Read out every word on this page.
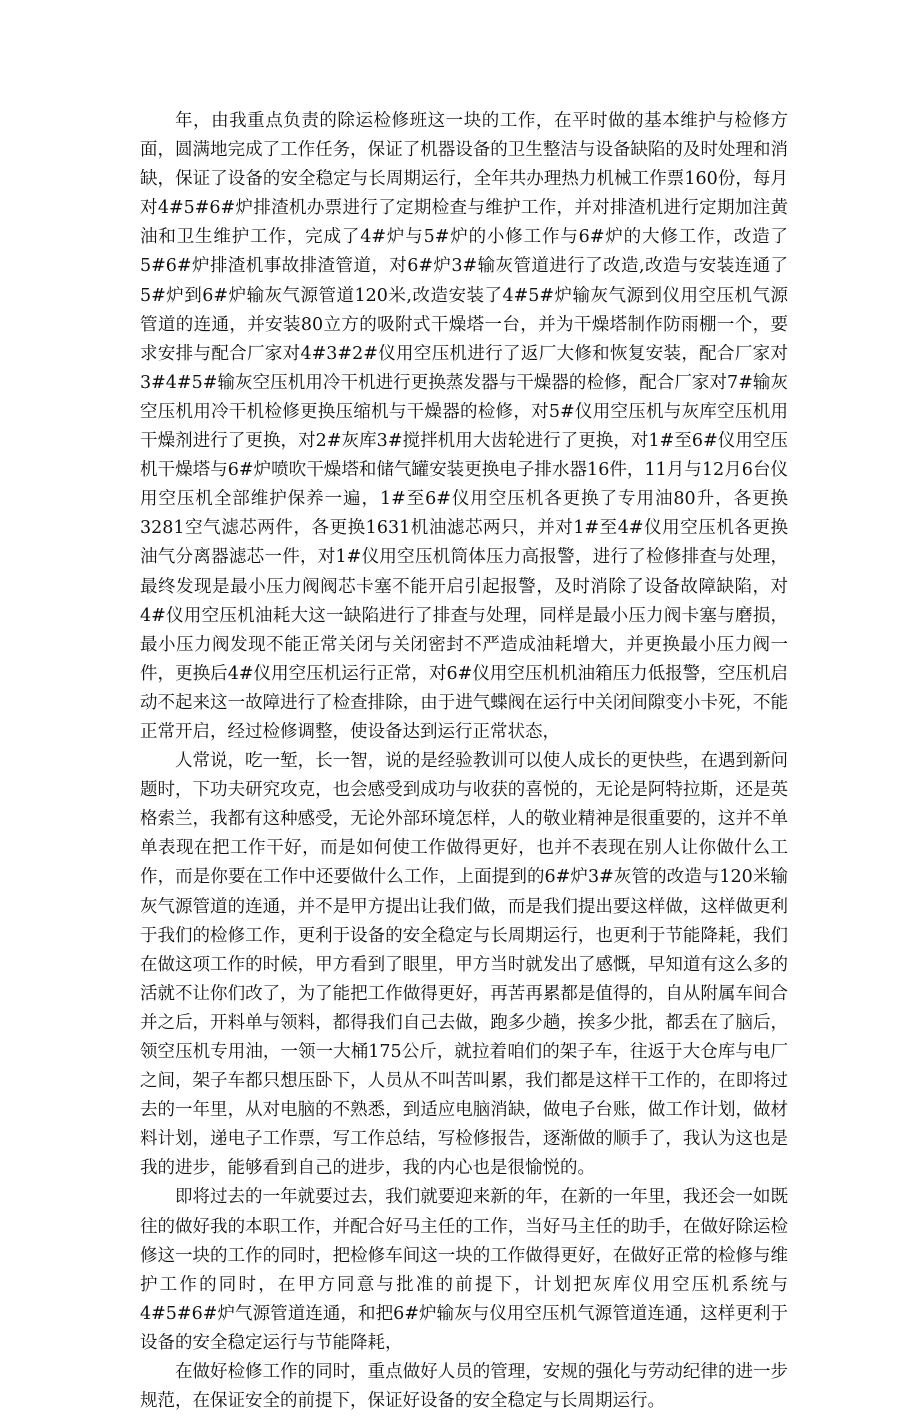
年，由我重点负责的除运检修班这一块的工作，在平时做的基本维护与检修方面，圆满地完成了工作任务，保证了机器设备的卫生整洁与设备缺陷的及时处理和消缺，保证了设备的安全稳定与长周期运行，全年共办理热力机械工作票160份，每月对4#5#6#炉排渣机办票进行了定期检查与维护工作，并对排渣机进行定期加注黄油和卫生维护工作，完成了4#炉与5#炉的小修工作与6#炉的大修工作，改造了5#6#炉排渣机事故排渣管道，对6#炉3#输灰管道进行了改造,改造与安装连通了5#炉到6#炉输灰气源管道120米,改造安装了4#5#炉输灰气源到仪用空压机气源管道的连通，并安装80立方的吸附式干燥塔一台，并为干燥塔制作防雨棚一个，要求安排与配合厂家对4#3#2#仪用空压机进行了返厂大修和恢复安装，配合厂家对3#4#5#输灰空压机用冷干机进行更换蒸发器与干燥器的检修，配合厂家对7#输灰空压机用冷干机检修更换压缩机与干燥器的检修，对5#仪用空压机与灰库空压机用干燥剂进行了更换，对2#灰库3#搅拌机用大齿轮进行了更换，对1#至6#仪用空压机干燥塔与6#炉喷吹干燥塔和储气罐安装更换电子排水器16件，11月与12月6台仪用空压机全部维护保养一遍，1#至6#仪用空压机各更换了专用油80升，各更换3281空气滤芯两件，各更换1631机油滤芯两只，并对1#至4#仪用空压机各更换油气分离器滤芯一件，对1#仪用空压机筒体压力高报警，进行了检修排查与处理，最终发现是最小压力阀阀芯卡塞不能开启引起报警，及时消除了设备故障缺陷，对4#仪用空压机油耗大这一缺陷进行了排查与处理，同样是最小压力阀卡塞与磨损，最小压力阀发现不能正常关闭与关闭密封不严造成油耗增大，并更换最小压力阀一件，更换后4#仪用空压机运行正常，对6#仪用空压机机油箱压力低报警，空压机启动不起来这一故障进行了检查排除，由于进气蝶阀在运行中关闭间隙变小卡死，不能正常开启，经过检修调整，使设备达到运行正常状态，

人常说，吃一堑，长一智，说的是经验教训可以使人成长的更快些，在遇到新问题时，下功夫研究攻克，也会感受到成功与收获的喜悦的，无论是阿特拉斯，还是英格索兰，我都有这种感受，无论外部环境怎样，人的敬业精神是很重要的，这并不单单表现在把工作干好，而是如何使工作做得更好，也并不表现在别人让你做什么工作，而是你要在工作中还要做什么工作，上面提到的6#炉3#灰管的改造与120米输灰气源管道的连通，并不是甲方提出让我们做，而是我们提出要这样做，这样做更利于我们的检修工作，更利于设备的安全稳定与长周期运行，也更利于节能降耗，我们在做这项工作的时候，甲方看到了眼里，甲方当时就发出了感慨，早知道有这么多的活就不让你们改了，为了能把工作做得更好，再苦再累都是值得的，自从附属车间合并之后，开料单与领料，都得我们自己去做，跑多少趟，挨多少批，都丢在了脑后，领空压机专用油，一领一大桶175公斤，就拉着咱们的架子车，往返于大仓库与电厂之间，架子车都只想压卧下，人员从不叫苦叫累，我们都是这样干工作的，在即将过去的一年里，从对电脑的不熟悉，到适应电脑消缺，做电子台账，做工作计划，做材料计划，递电子工作票，写工作总结，写检修报告，逐渐做的顺手了，我认为这也是我的进步，能够看到自己的进步，我的内心也是很愉悦的。

即将过去的一年就要过去，我们就要迎来新的年，在新的一年里，我还会一如既往的做好我的本职工作，并配合好马主任的工作，当好马主任的助手，在做好除运检修这一块的工作的同时，把检修车间这一块的工作做得更好，在做好正常的检修与维护工作的同时，在甲方同意与批准的前提下，计划把灰库仪用空压机系统与4#5#6#炉气源管道连通，和把6#炉输灰与仪用空压机气源管道连通，这样更利于设备的安全稳定运行与节能降耗，

在做好检修工作的同时，重点做好人员的管理，安规的强化与劳动纪律的进一步规范，在保证安全的前提下，保证好设备的安全稳定与长周期运行。
